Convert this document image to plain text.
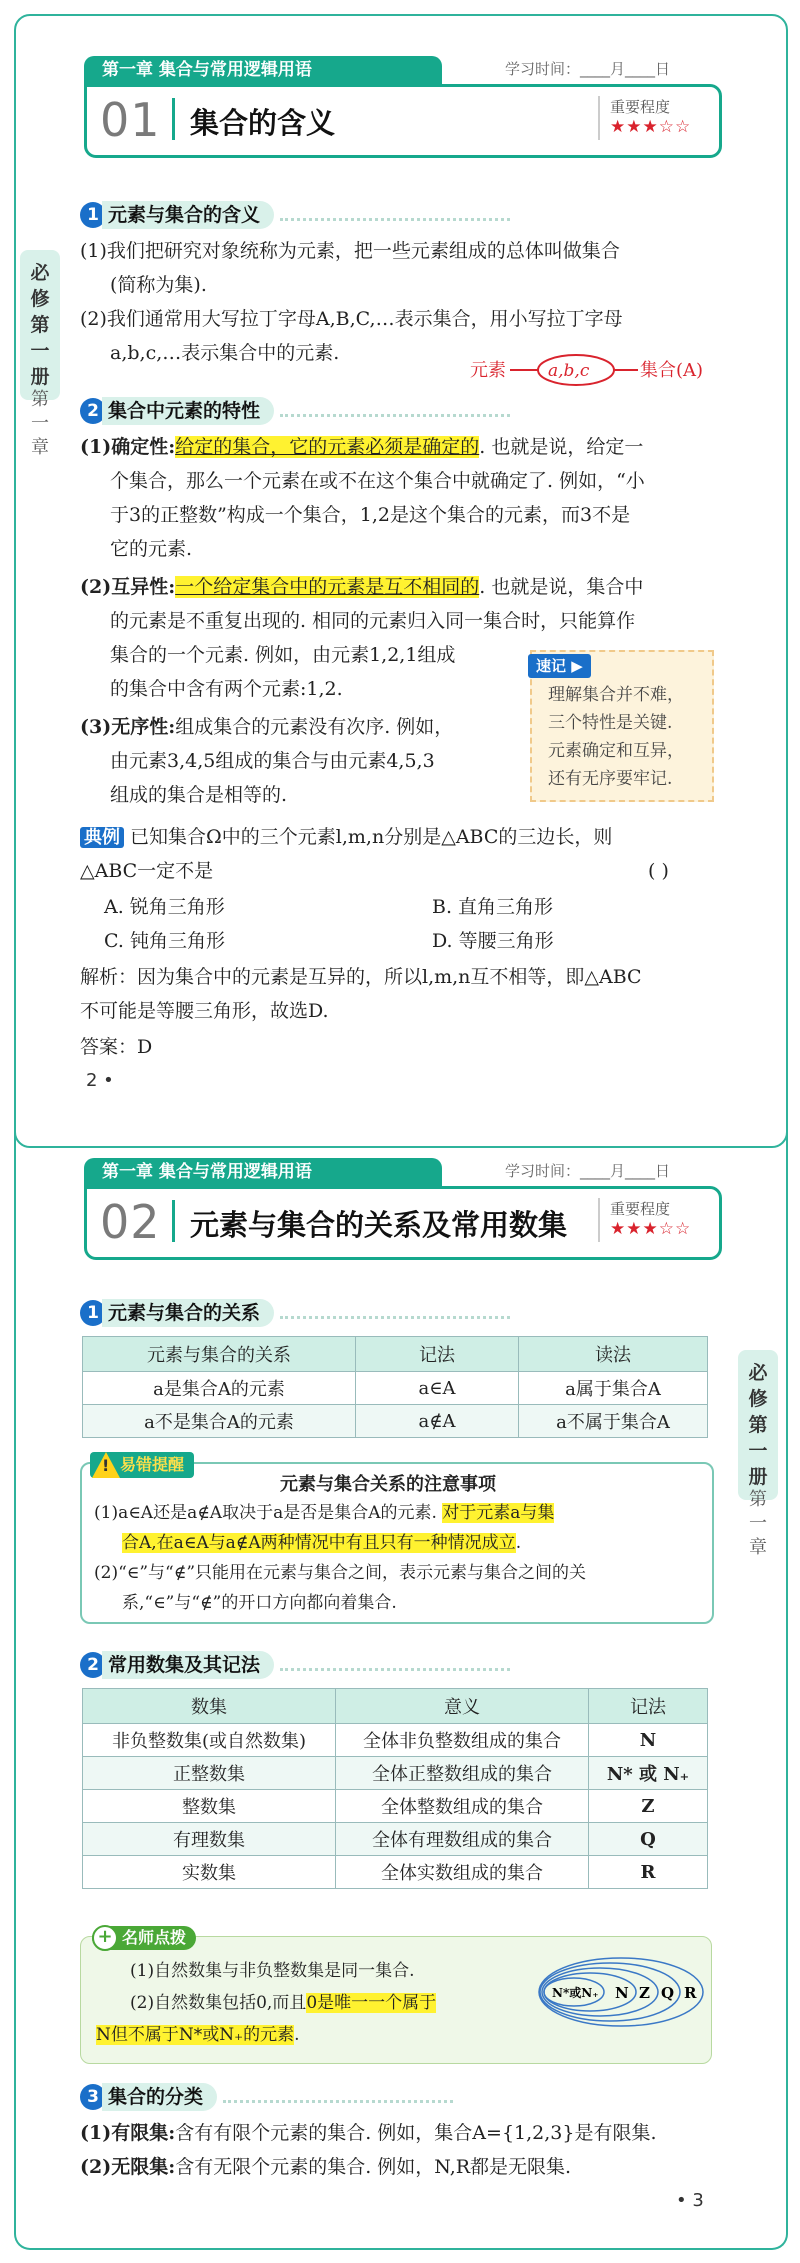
第一章 集合与常用逻辑用语	学习时间：____月____日
01 集合的含义	重要程度
★★★☆☆
必修第一册
第一章
1 元素与集合的含义
(1)我们把研究对象统称为元素，把一些元素组成的总体叫做集合
(简称为集).
(2)我们通常用大写拉丁字母A,B,C,…表示集合，用小写拉丁字母
a,b,c,…表示集合中的元素.
元素 a,b,c	集合(A)
2 集合中元素的特性
(1)确定性:给定的集合，它的元素必须是确定的. 也就是说，给定一
个集合，那么一个元素在或不在这个集合中就确定了. 例如，“小
于3的正整数”构成一个集合，1,2是这个集合的元素，而3不是
它的元素.
(2)互异性:一个给定集合中的元素是互不相同的. 也就是说，集合中
的元素是不重复出现的. 相同的元素归入同一集合时，只能算作
集合的一个元素. 例如，由元素1,2,1组成
的集合中含有两个元素:1,2.
(3)无序性:组成集合的元素没有次序. 例如，
由元素3,4,5组成的集合与由元素4,5,3
组成的集合是相等的.
速记 ▶
理解集合并不难，
三个特性是关键.
元素确定和互异，
还有无序要牢记.
典例 已知集合Ω中的三个元素l,m,n分别是△ABC的三边长，则
△ABC一定不是	( )
A. 锐角三角形	B. 直角三角形
C. 钝角三角形	D. 等腰三角形
解析：因为集合中的元素是互异的，所以l,m,n互不相等，即△ABC
不可能是等腰三角形，故选D.
答案：D
2 •
第一章 集合与常用逻辑用语	学习时间：____月____日
02 元素与集合的关系及常用数集	重要程度
★★★☆☆
必修第一册
第一章
1 元素与集合的关系
元素与集合的关系	记法	读法
a是集合A的元素	a∈A	a属于集合A
a不是集合A的元素	a∉A	a不属于集合A
易错提醒
!
元素与集合关系的注意事项
(1)a∈A还是a∉A取决于a是否是集合A的元素. 对于元素a与集
合A,在a∈A与a∉A两种情况中有且只有一种情况成立.
(2)“∈”与“∉”只能用在元素与集合之间，表示元素与集合之间的关
系,“∈”与“∉”的开口方向都向着集合.
2 常用数集及其记法
数集	意义	记法
非负整数集(或自然数集)	全体非负整数组成的集合	N
正整数集	全体正整数组成的集合	N* 或 N₊
整数集	全体整数组成的集合	Z
有理数集	全体有理数组成的集合	Q
实数集	全体实数组成的集合	R
名师点拨
+
(1)自然数集与非负整数集是同一集合.
(2)自然数集包括0,而且0是唯一一个属于
N但不属于N*或N₊的元素.
N*或N₊ N Z Q R
3 集合的分类
(1)有限集:含有有限个元素的集合. 例如，集合A={1,2,3}是有限集.
(2)无限集:含有无限个元素的集合. 例如，N,R都是无限集.
• 3
